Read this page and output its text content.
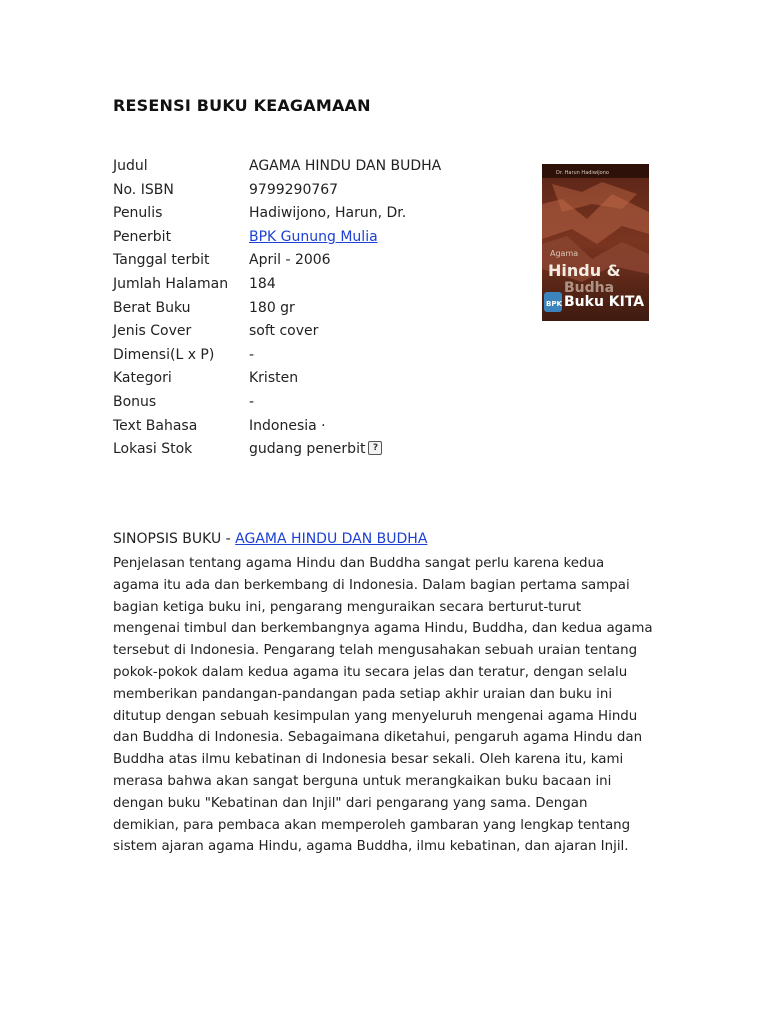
RESENSI BUKU KEAGAMAAN
Judul	AGAMA HINDU DAN BUDHA
No. ISBN	9799290767
Penulis	Hadiwijono, Harun, Dr.
Penerbit	BPK Gunung Mulia
Tanggal terbit	April - 2006
Jumlah Halaman	184
Berat Buku	180 gr
Jenis Cover	soft cover
Dimensi(L x P)	-
Kategori	Kristen
Bonus	-
Text Bahasa	Indonesia ·
Lokasi Stok	gudang penerbit ?
Dr. Harun Hadiwijono
Agama
Hindu &
Budha
BPK Buku KITA

SINOPSIS BUKU - AGAMA HINDU DAN BUDHA

Penjelasan tentang agama Hindu dan Buddha sangat perlu karena kedua
agama itu ada dan berkembang di Indonesia. Dalam bagian pertama sampai
bagian ketiga buku ini, pengarang menguraikan secara berturut-turut
mengenai timbul dan berkembangnya agama Hindu, Buddha, dan kedua agama
tersebut di Indonesia. Pengarang telah mengusahakan sebuah uraian tentang
pokok-pokok dalam kedua agama itu secara jelas dan teratur, dengan selalu
memberikan pandangan-pandangan pada setiap akhir uraian dan buku ini
ditutup dengan sebuah kesimpulan yang menyeluruh mengenai agama Hindu
dan Buddha di Indonesia. Sebagaimana diketahui, pengaruh agama Hindu dan
Buddha atas ilmu kebatinan di Indonesia besar sekali. Oleh karena itu, kami
merasa bahwa akan sangat berguna untuk merangkaikan buku bacaan ini
dengan buku "Kebatinan dan Injil" dari pengarang yang sama. Dengan
demikian, para pembaca akan memperoleh gambaran yang lengkap tentang
sistem ajaran agama Hindu, agama Buddha, ilmu kebatinan, dan ajaran Injil.
